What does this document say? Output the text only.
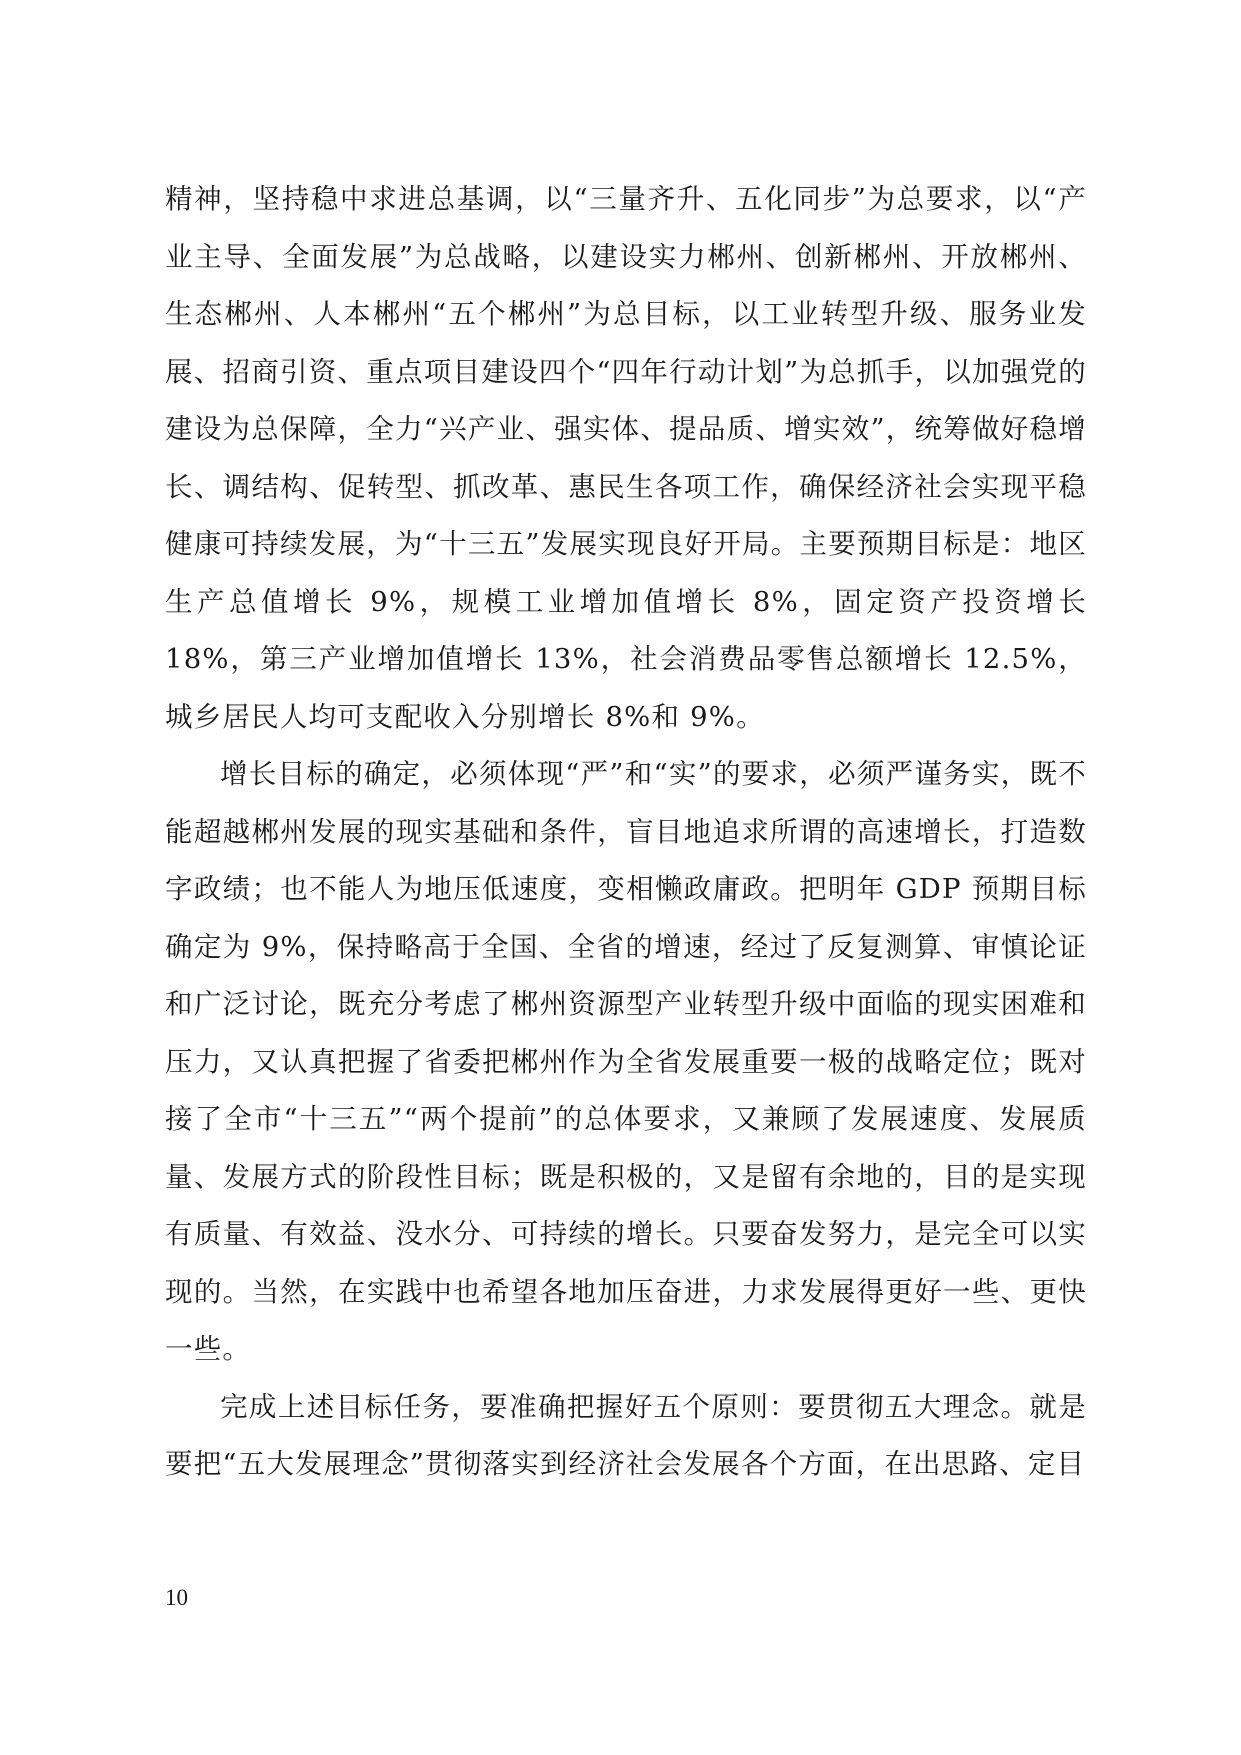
精神，坚持稳中求进总基调，以“三量齐升、五化同步”为总要求，以“产业主导、全面发展”为总战略，以建设实力郴州、创新郴州、开放郴州、生态郴州、人本郴州“五个郴州”为总目标，以工业转型升级、服务业发展、招商引资、重点项目建设四个“四年行动计划”为总抓手，以加强党的建设为总保障，全力“兴产业、强实体、提品质、增实效”，统筹做好稳增长、调结构、促转型、抓改革、惠民生各项工作，确保经济社会实现平稳健康可持续发展，为“十三五”发展实现良好开局。主要预期目标是：地区生产总值增长 9%，规模工业增加值增长 8%，固定资产投资增长 18%，第三产业增加值增长 13%，社会消费品零售总额增长 12.5%，城乡居民人均可支配收入分别增长 8%和 9%。

增长目标的确定，必须体现“严”和“实”的要求，必须严谨务实，既不能超越郴州发展的现实基础和条件，盲目地追求所谓的高速增长，打造数字政绩；也不能人为地压低速度，变相懒政庸政。把明年 GDP 预期目标确定为 9%，保持略高于全国、全省的增速，经过了反复测算、审慎论证和广泛讨论，既充分考虑了郴州资源型产业转型升级中面临的现实困难和压力，又认真把握了省委把郴州作为全省发展重要一极的战略定位；既对接了全市“十三五”“两个提前”的总体要求，又兼顾了发展速度、发展质量、发展方式的阶段性目标；既是积极的，又是留有余地的，目的是实现有质量、有效益、没水分、可持续的增长。只要奋发努力，是完全可以实现的。当然，在实践中也希望各地加压奋进，力求发展得更好一些、更快一些。

完成上述目标任务，要准确把握好五个原则：要贯彻五大理念。就是要把“五大发展理念”贯彻落实到经济社会发展各个方面，在出思路、定目

10
